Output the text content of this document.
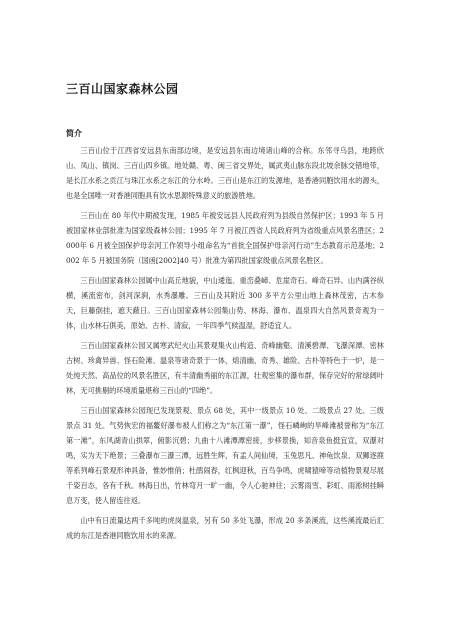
三百山国家森林公园
简介

三百山位于江西省安远县东南部边境，是安远县东南边境诸山峰的合称。东邻寻乌县，地跨欣山、凤山、镇岗、三百山四乡镇。地处赣、粤、闽三省交界处，属武夷山脉东段北坡余脉交错地带，是长江水系之贡江与珠江水系之东江的分水岭。三百山是东江的发源地，是香港同胞饮用水的源头，也是全国唯一对香港同胞具有饮水思源特殊意义的旅游胜地。

三百山在 80 年代中期被发现，1985 年被安远县人民政府列为县级自然保护区；1993 年 5 月被国家林业部批准为国家级森林公园；1995 年 7 月被江西省人民政府列为省级重点风景名胜区；2000年 6 月被全国保护母亲河工作领导小组命名为“首批全国保护母亲河行动”生态教育示范基地；2002 年 5 月被国务院（国函[2002]40 号）批准为第四批国家级重点风景名胜区。

三百山国家森林公园属中山高丘地貌，中山逶迤、重峦叠嶂、危崖奇石、峰奇石异。山内满谷纵横，溪流密布，剑河深涧，水秀瀑雕。三百山及其附近 300 多平方公里山地上森林茂密，古木参天，巨藤倒挂，遮天蔽日。三百山国家森林公园集山势、林海、瀑布、温泉四大自然风景奇观为一体，山水林石俱美，原始、古朴、清寂，一年四季气候温湿，舒适宜人。

三百山国家森林公园又属寒武纪火山其景观集火山构造、奇峰幽壑、清溪碧潭、飞瀑深潭、密林古树、珍禽异兽、怪石险滩、温泉等诸奇景于一体，熔清幽、奇秀、雄险、古朴等特色于一炉，是一处纯天然、高品位的风景名胜区，有丰清幽秀丽的东江源，壮观密集的瀑布群，保存完好的常绿阔叶林，无可挑剔的环境质量堪称三百山的“四绝”。

三百山国家森林公园现已发现景观、景点 68 处，其中一级景点 10 处、二级景点 27 处、三级景点 31 处。气势恢宏的福鳌好瀑布被人们称之为“东江第一瀑”，怪石嶙峋的旱峰滩被誉称为“东江第一滩”，东风湖青山拱翠，俯影沉碧；九曲十八滩潭潭密接，步移景换，知音泉鱼挺宜宣，双瀑对鸣，实为天下绝景；三叠瀑布三瀑三潭，远胜生辉，有孟人间仙境，玉兔思凡、神龟饮泉、双狮逐鹿等系列峰石景观形神具备，惟妙惟俏；杜鹃闹春，红枫迎秋，百鸟争鸣，虎啸猿啼等动植物景观尽展千姿百态，各有千秋。林海日出，竹林弯月一旷一幽，令人心驰神往；云雾雨雪、彩虹、雨淞树挂瞬息万变，使人留连往返。

山中有日流量达两千多吨的虎岗温泉，另有 50 多处飞瀑，形成 20 多条溪流，这些溪流最后汇成的东江是香港同胞饮用水的来源。
